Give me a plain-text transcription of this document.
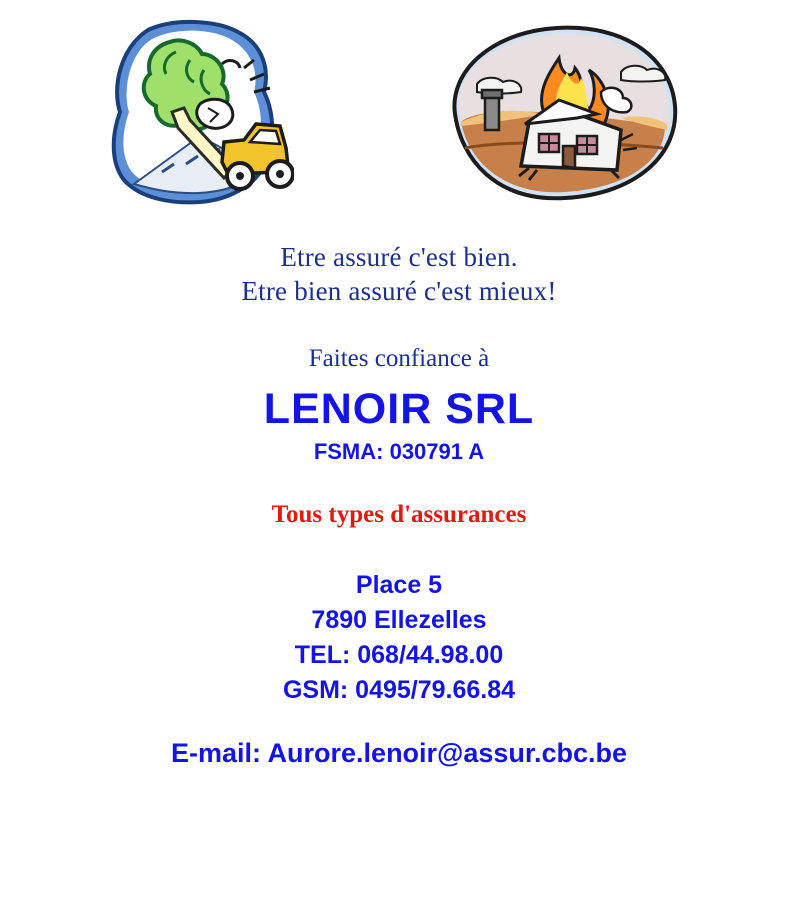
Etre assuré c'est bien.
Etre bien assuré c'est mieux!
Faites confiance à
LENOIR SRL
FSMA: 030791 A
Tous types d'assurances
Place 5
7890 Ellezelles
TEL: 068/44.98.00
GSM: 0495/79.66.84
E-mail: Aurore.lenoir@assur.cbc.be
